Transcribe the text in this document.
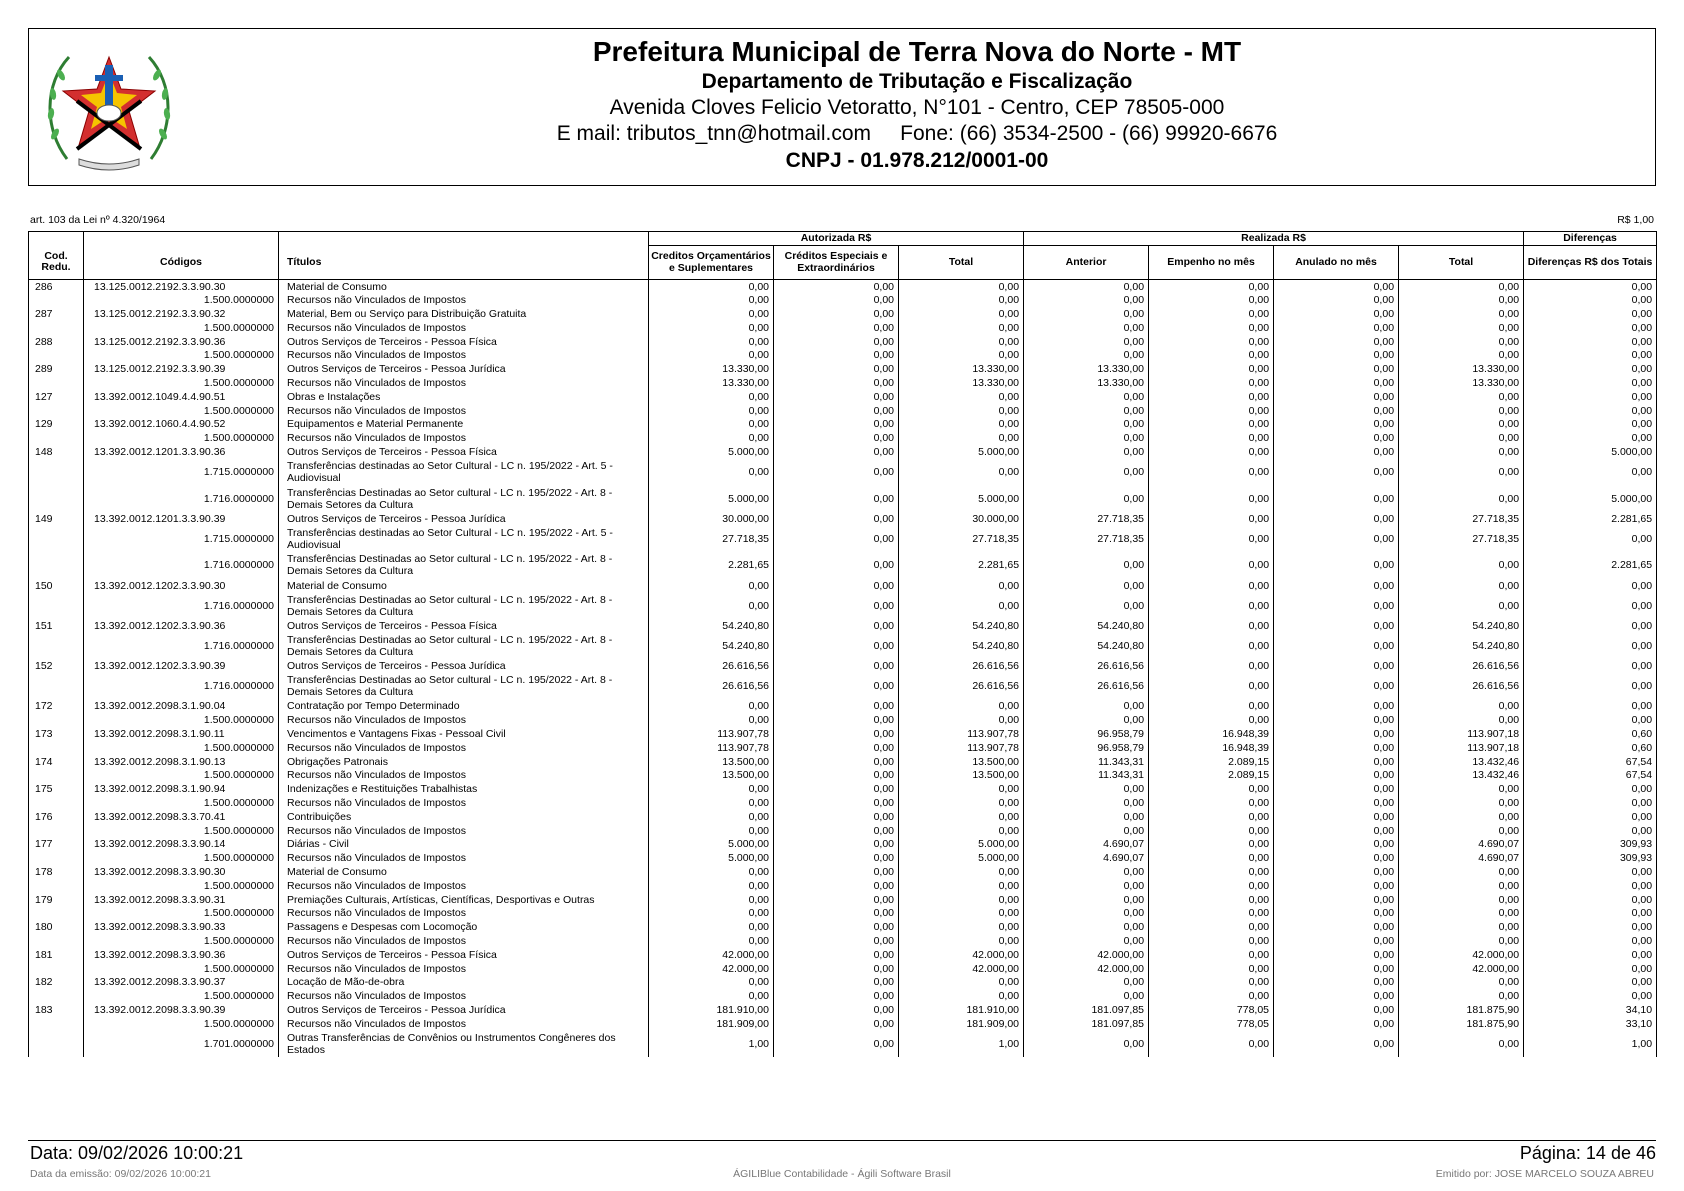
Prefeitura Municipal de Terra Nova do Norte - MT
Departamento de Tributação e Fiscalização
Avenida Cloves Felicio Vetoratto, N°101 - Centro, CEP 78505-000
E mail: tributos_tnn@hotmail.com     Fone: (66) 3534-2500 - (66) 99920-6676
CNPJ - 01.978.212/0001-00
art. 103 da Lei nº 4.320/1964	R$ 1,00
			Autorizada R$			Realizada R$				Diferenças
Cod. Redu.	Códigos	Títulos	Creditos Orçamentários e Suplementares	Créditos Especiais e Extraordinários	Total	Anterior	Empenho no mês	Anulado no mês	Total	Diferenças R$ dos Totais
286	13.125.0012.2192.3.3.90.30	Material de Consumo	0,00	0,00	0,00	0,00	0,00	0,00	0,00	0,00
	1.500.0000000	Recursos não Vinculados de Impostos	0,00	0,00	0,00	0,00	0,00	0,00	0,00	0,00
287	13.125.0012.2192.3.3.90.32	Material, Bem ou Serviço para Distribuição Gratuita	0,00	0,00	0,00	0,00	0,00	0,00	0,00	0,00
	1.500.0000000	Recursos não Vinculados de Impostos	0,00	0,00	0,00	0,00	0,00	0,00	0,00	0,00
288	13.125.0012.2192.3.3.90.36	Outros Serviços de Terceiros - Pessoa Física	0,00	0,00	0,00	0,00	0,00	0,00	0,00	0,00
	1.500.0000000	Recursos não Vinculados de Impostos	0,00	0,00	0,00	0,00	0,00	0,00	0,00	0,00
289	13.125.0012.2192.3.3.90.39	Outros Serviços de Terceiros - Pessoa Jurídica	13.330,00	0,00	13.330,00	13.330,00	0,00	0,00	13.330,00	0,00
	1.500.0000000	Recursos não Vinculados de Impostos	13.330,00	0,00	13.330,00	13.330,00	0,00	0,00	13.330,00	0,00
127	13.392.0012.1049.4.4.90.51	Obras e Instalações	0,00	0,00	0,00	0,00	0,00	0,00	0,00	0,00
	1.500.0000000	Recursos não Vinculados de Impostos	0,00	0,00	0,00	0,00	0,00	0,00	0,00	0,00
129	13.392.0012.1060.4.4.90.52	Equipamentos e Material Permanente	0,00	0,00	0,00	0,00	0,00	0,00	0,00	0,00
	1.500.0000000	Recursos não Vinculados de Impostos	0,00	0,00	0,00	0,00	0,00	0,00	0,00	0,00
148	13.392.0012.1201.3.3.90.36	Outros Serviços de Terceiros - Pessoa Física	5.000,00	0,00	5.000,00	0,00	0,00	0,00	0,00	5.000,00
	1.715.0000000	Transferências destinadas ao Setor Cultural - LC n. 195/2022 - Art. 5 - Audiovisual	0,00	0,00	0,00	0,00	0,00	0,00	0,00	0,00
	1.716.0000000	Transferências Destinadas ao Setor cultural - LC n. 195/2022 - Art. 8 - Demais Setores da Cultura	5.000,00	0,00	5.000,00	0,00	0,00	0,00	0,00	5.000,00
149	13.392.0012.1201.3.3.90.39	Outros Serviços de Terceiros - Pessoa Jurídica	30.000,00	0,00	30.000,00	27.718,35	0,00	0,00	27.718,35	2.281,65
	1.715.0000000	Transferências destinadas ao Setor Cultural - LC n. 195/2022 - Art. 5 - Audiovisual	27.718,35	0,00	27.718,35	27.718,35	0,00	0,00	27.718,35	0,00
	1.716.0000000	Transferências Destinadas ao Setor cultural - LC n. 195/2022 - Art. 8 - Demais Setores da Cultura	2.281,65	0,00	2.281,65	0,00	0,00	0,00	0,00	2.281,65
150	13.392.0012.1202.3.3.90.30	Material de Consumo	0,00	0,00	0,00	0,00	0,00	0,00	0,00	0,00
	1.716.0000000	Transferências Destinadas ao Setor cultural - LC n. 195/2022 - Art. 8 - Demais Setores da Cultura	0,00	0,00	0,00	0,00	0,00	0,00	0,00	0,00
151	13.392.0012.1202.3.3.90.36	Outros Serviços de Terceiros - Pessoa Física	54.240,80	0,00	54.240,80	54.240,80	0,00	0,00	54.240,80	0,00
	1.716.0000000	Transferências Destinadas ao Setor cultural - LC n. 195/2022 - Art. 8 - Demais Setores da Cultura	54.240,80	0,00	54.240,80	54.240,80	0,00	0,00	54.240,80	0,00
152	13.392.0012.1202.3.3.90.39	Outros Serviços de Terceiros - Pessoa Jurídica	26.616,56	0,00	26.616,56	26.616,56	0,00	0,00	26.616,56	0,00
	1.716.0000000	Transferências Destinadas ao Setor cultural - LC n. 195/2022 - Art. 8 - Demais Setores da Cultura	26.616,56	0,00	26.616,56	26.616,56	0,00	0,00	26.616,56	0,00
172	13.392.0012.2098.3.1.90.04	Contratação por Tempo Determinado	0,00	0,00	0,00	0,00	0,00	0,00	0,00	0,00
	1.500.0000000	Recursos não Vinculados de Impostos	0,00	0,00	0,00	0,00	0,00	0,00	0,00	0,00
173	13.392.0012.2098.3.1.90.11	Vencimentos e Vantagens Fixas - Pessoal Civil	113.907,78	0,00	113.907,78	96.958,79	16.948,39	0,00	113.907,18	0,60
	1.500.0000000	Recursos não Vinculados de Impostos	113.907,78	0,00	113.907,78	96.958,79	16.948,39	0,00	113.907,18	0,60
174	13.392.0012.2098.3.1.90.13	Obrigações Patronais	13.500,00	0,00	13.500,00	11.343,31	2.089,15	0,00	13.432,46	67,54
	1.500.0000000	Recursos não Vinculados de Impostos	13.500,00	0,00	13.500,00	11.343,31	2.089,15	0,00	13.432,46	67,54
175	13.392.0012.2098.3.1.90.94	Indenizações e Restituições Trabalhistas	0,00	0,00	0,00	0,00	0,00	0,00	0,00	0,00
	1.500.0000000	Recursos não Vinculados de Impostos	0,00	0,00	0,00	0,00	0,00	0,00	0,00	0,00
176	13.392.0012.2098.3.3.70.41	Contribuições	0,00	0,00	0,00	0,00	0,00	0,00	0,00	0,00
	1.500.0000000	Recursos não Vinculados de Impostos	0,00	0,00	0,00	0,00	0,00	0,00	0,00	0,00
177	13.392.0012.2098.3.3.90.14	Diárias - Civil	5.000,00	0,00	5.000,00	4.690,07	0,00	0,00	4.690,07	309,93
	1.500.0000000	Recursos não Vinculados de Impostos	5.000,00	0,00	5.000,00	4.690,07	0,00	0,00	4.690,07	309,93
178	13.392.0012.2098.3.3.90.30	Material de Consumo	0,00	0,00	0,00	0,00	0,00	0,00	0,00	0,00
	1.500.0000000	Recursos não Vinculados de Impostos	0,00	0,00	0,00	0,00	0,00	0,00	0,00	0,00
179	13.392.0012.2098.3.3.90.31	Premiações Culturais, Artísticas, Científicas, Desportivas e Outras	0,00	0,00	0,00	0,00	0,00	0,00	0,00	0,00
	1.500.0000000	Recursos não Vinculados de Impostos	0,00	0,00	0,00	0,00	0,00	0,00	0,00	0,00
180	13.392.0012.2098.3.3.90.33	Passagens e Despesas com Locomoção	0,00	0,00	0,00	0,00	0,00	0,00	0,00	0,00
	1.500.0000000	Recursos não Vinculados de Impostos	0,00	0,00	0,00	0,00	0,00	0,00	0,00	0,00
181	13.392.0012.2098.3.3.90.36	Outros Serviços de Terceiros - Pessoa Física	42.000,00	0,00	42.000,00	42.000,00	0,00	0,00	42.000,00	0,00
	1.500.0000000	Recursos não Vinculados de Impostos	42.000,00	0,00	42.000,00	42.000,00	0,00	0,00	42.000,00	0,00
182	13.392.0012.2098.3.3.90.37	Locação de Mão-de-obra	0,00	0,00	0,00	0,00	0,00	0,00	0,00	0,00
	1.500.0000000	Recursos não Vinculados de Impostos	0,00	0,00	0,00	0,00	0,00	0,00	0,00	0,00
183	13.392.0012.2098.3.3.90.39	Outros Serviços de Terceiros - Pessoa Jurídica	181.910,00	0,00	181.910,00	181.097,85	778,05	0,00	181.875,90	34,10
	1.500.0000000	Recursos não Vinculados de Impostos	181.909,00	0,00	181.909,00	181.097,85	778,05	0,00	181.875,90	33,10
	1.701.0000000	Outras Transferências de Convênios ou Instrumentos Congêneres dos Estados	1,00	0,00	1,00	0,00	0,00	0,00	0,00	1,00
Data: 09/02/2026 10:00:21	Página: 14 de 46
Data da emissão: 09/02/2026 10:00:21	ÁGILIBlue Contabilidade - Ágili Software Brasil	Emitido por: JOSE MARCELO SOUZA ABREU
